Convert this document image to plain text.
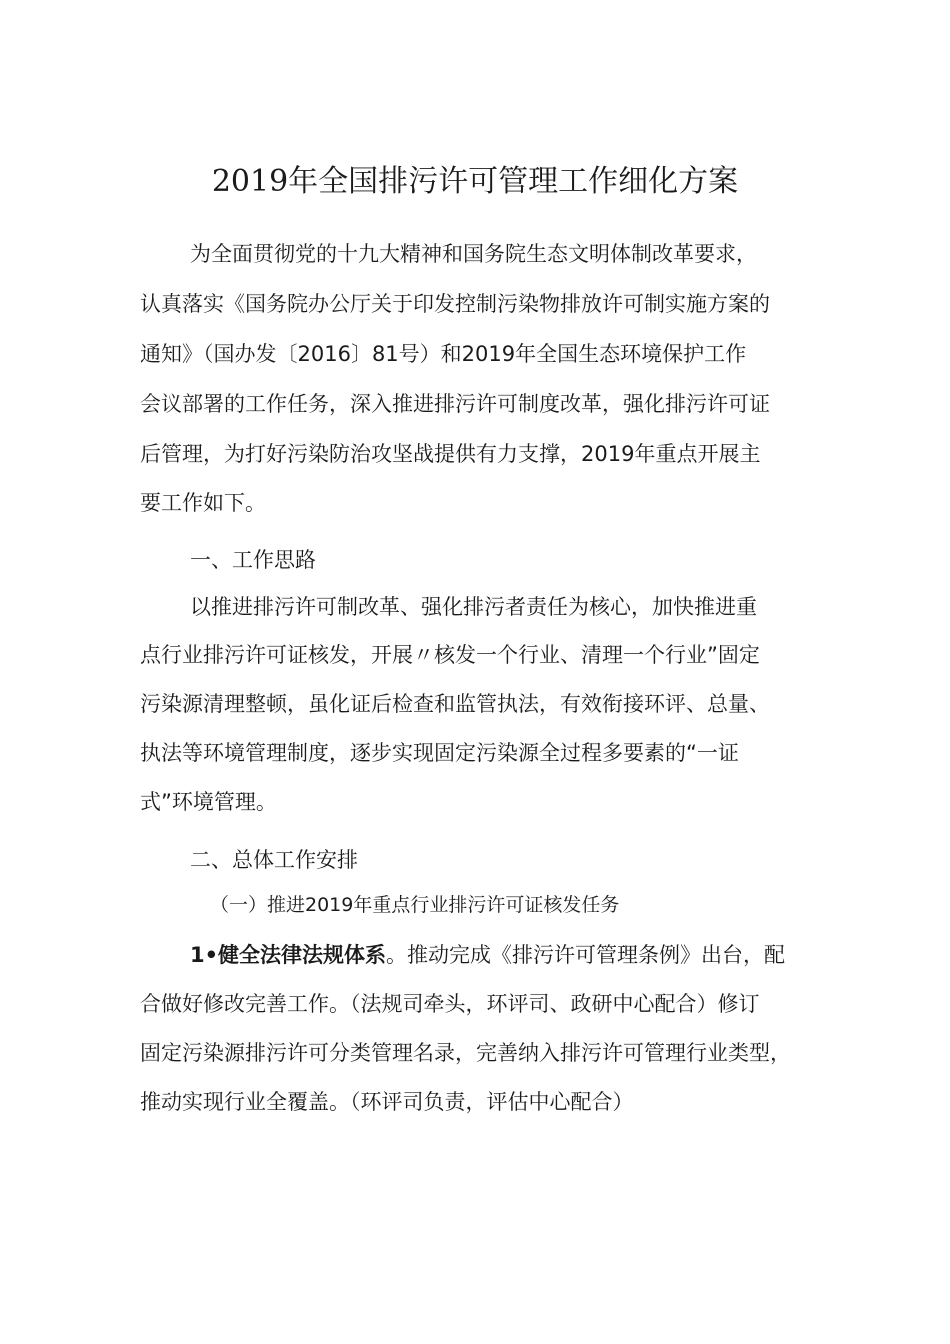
2019年全国排污许可管理工作细化方案
为全面贯彻党的十九大精神和国务院生态文明体制改革要求，
认真落实《国务院办公厅关于印发控制污染物排放许可制实施方案的
通知》（国办发〔2016〕81号）和2019年全国生态环境保护工作
会议部署的工作任务，深入推进排污许可制度改革，强化排污许可证
后管理，为打好污染防治攻坚战提供有力支撑，2019年重点开展主
要工作如下。
一、工作思路
以推进排污许可制改革、强化排污者责任为核心，加快推进重
点行业排污许可证核发，开展〃核发一个行业、清理一个行业”固定
污染源清理整顿，虽化证后检查和监管执法，有效衔接环评、总量、
执法等环境管理制度，逐步实现固定污染源全过程多要素的“一证
式”环境管理。
二、总体工作安排
（一）推进2019年重点行业排污许可证核发任务
1•健全法律法规体系。推动完成《排污许可管理条例》出台，配
合做好修改完善工作。（法规司牵头，环评司、政研中心配合）修订
固定污染源排污许可分类管理名录，完善纳入排污许可管理行业类型，
推动实现行业全覆盖。（环评司负责，评估中心配合）
